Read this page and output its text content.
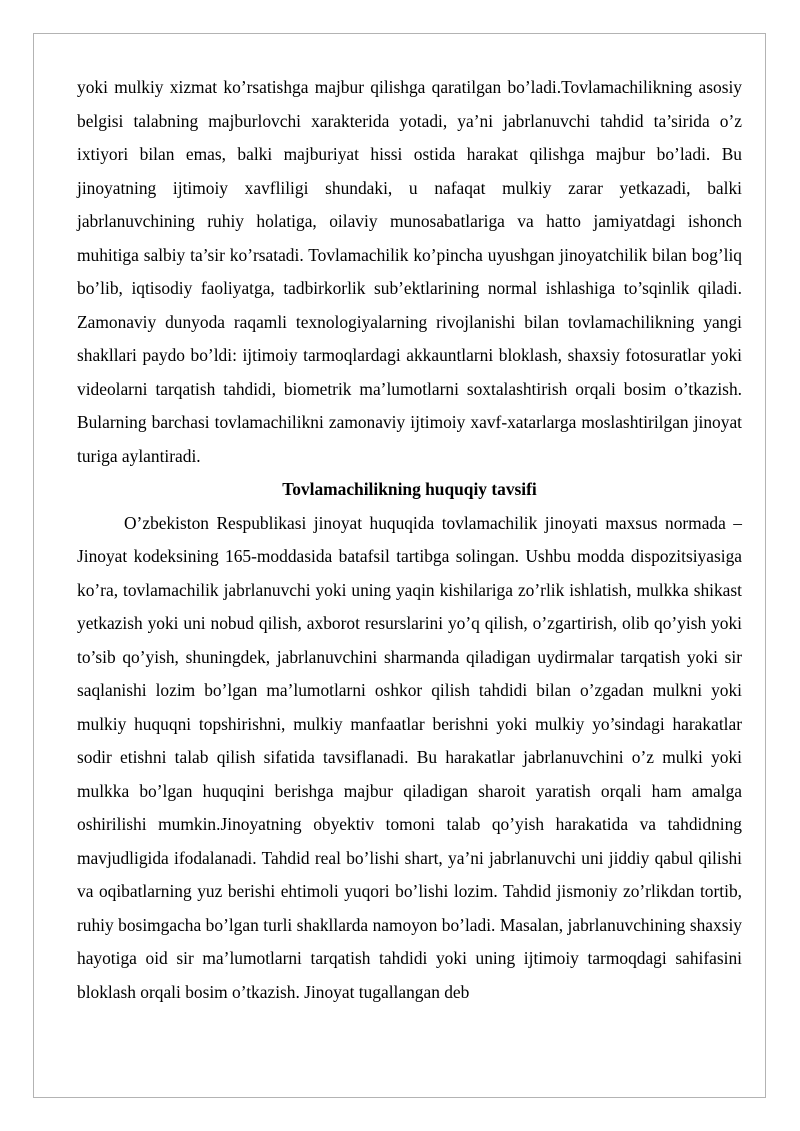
yoki mulkiy xizmat ko’rsatishga majbur qilishga qaratilgan bo’ladi.Tovlamachilikning asosiy belgisi talabning majburlovchi xarakterida yotadi, ya’ni jabrlanuvchi tahdid ta’sirida o’z ixtiyori bilan emas, balki majburiyat hissi ostida harakat qilishga majbur bo’ladi. Bu jinoyatning ijtimoiy xavfliligi shundaki, u nafaqat mulkiy zarar yetkazadi, balki jabrlanuvchining ruhiy holatiga, oilaviy munosabatlariga va hatto jamiyatdagi ishonch muhitiga salbiy ta’sir ko’rsatadi. Tovlamachilik ko’pincha uyushgan jinoyatchilik bilan bog’liq bo’lib, iqtisodiy faoliyatga, tadbirkorlik sub’ektlarining normal ishlashiga to’sqinlik qiladi. Zamonaviy dunyoda raqamli texnologiyalarning rivojlanishi bilan tovlamachilikning yangi shakllari paydo bo’ldi: ijtimoiy tarmoqlardagi akkauntlarni bloklash, shaxsiy fotosuratlar yoki videolarni tarqatish tahdidi, biometrik ma’lumotlarni soxtalashtirish orqali bosim o’tkazish. Bularning barchasi tovlamachilikni zamonaviy ijtimoiy xavf-xatarlarga moslashtirilgan jinoyat turiga aylantiradi.

Tovlamachilikning huquqiy tavsifi

O’zbekiston Respublikasi jinoyat huquqida tovlamachilik jinoyati maxsus normada – Jinoyat kodeksining 165-moddasida batafsil tartibga solingan. Ushbu modda dispozitsiyasiga ko’ra, tovlamachilik jabrlanuvchi yoki uning yaqin kishilariga zo’rlik ishlatish, mulkka shikast yetkazish yoki uni nobud qilish, axborot resurslarini yo’q qilish, o’zgartirish, olib qo’yish yoki to’sib qo’yish, shuningdek, jabrlanuvchini sharmanda qiladigan uydirmalar tarqatish yoki sir saqlanishi lozim bo’lgan ma’lumotlarni oshkor qilish tahdidi bilan o’zgadan mulkni yoki mulkiy huquqni topshirishni, mulkiy manfaatlar berishni yoki mulkiy yo’sindagi harakatlar sodir etishni talab qilish sifatida tavsiflanadi. Bu harakatlar jabrlanuvchini o’z mulki yoki mulkka bo’lgan huquqini berishga majbur qiladigan sharoit yaratish orqali ham amalga oshirilishi mumkin.Jinoyatning obyektiv tomoni talab qo’yish harakatida va tahdidning mavjudligida ifodalanadi. Tahdid real bo’lishi shart, ya’ni jabrlanuvchi uni jiddiy qabul qilishi va oqibatlarning yuz berishi ehtimoli yuqori bo’lishi lozim. Tahdid jismoniy zo’rlikdan tortib, ruhiy bosimgacha bo’lgan turli shakllarda namoyon bo’ladi. Masalan, jabrlanuvchining shaxsiy hayotiga oid sir ma’lumotlarni tarqatish tahdidi yoki uning ijtimoiy tarmoqdagi sahifasini bloklash orqali bosim o’tkazish. Jinoyat tugallangan deb
